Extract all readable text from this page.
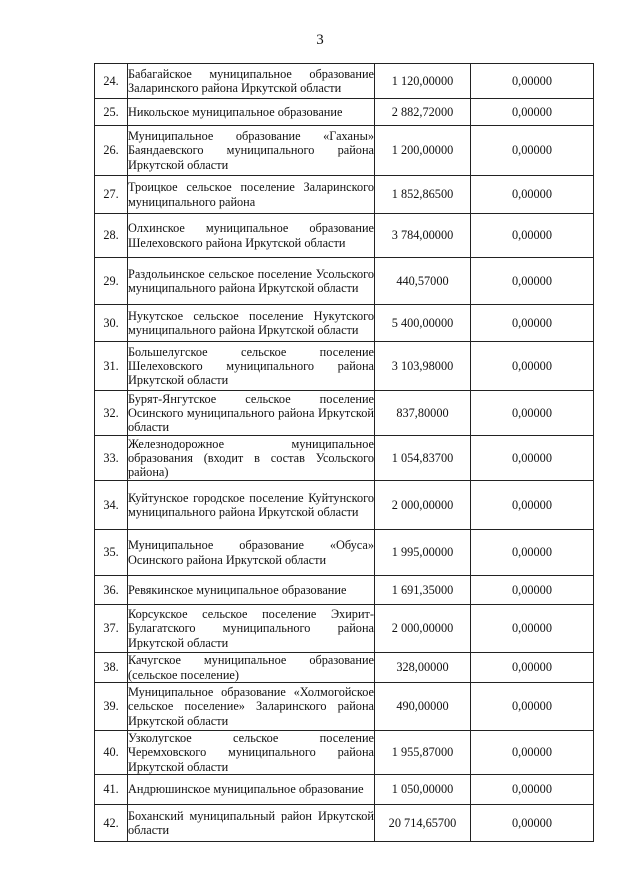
3
24.	Бабагайское муниципальное образование Заларинского района Иркутской области	1 120,00000	0,00000
25.	Никольское муниципальное образование	2 882,72000	0,00000
26.	Муниципальное образование «Гаханы» Баяндаевского муниципального района Иркутской области	1 200,00000	0,00000
27.	Троицкое сельское поселение Заларинского муниципального района	1 852,86500	0,00000
28.	Олхинское муниципальное образование Шелеховского района Иркутской области	3 784,00000	0,00000
29.	Раздольинское сельское поселение Усольского муниципального района Иркутской области	440,57000	0,00000
30.	Нукутское сельское поселение Нукутского муниципального района Иркутской области	5 400,00000	0,00000
31.	Большелугское сельское поселение Шелеховского муниципального района Иркутской области	3 103,98000	0,00000
32.	Бурят-Янгутское сельское поселение Осинского муниципального района Иркутской области	837,80000	0,00000
33.	Железнодорожное муниципальное образования (входит в состав Усольского района)	1 054,83700	0,00000
34.	Куйтунское городское поселение Куйтунского муниципального района Иркутской области	2 000,00000	0,00000
35.	Муниципальное образование «Обуса» Осинского района Иркутской области	1 995,00000	0,00000
36.	Ревякинское муниципальное образование	1 691,35000	0,00000
37.	Корсукское сельское поселение Эхирит-Булагатского муниципального района Иркутской области	2 000,00000	0,00000
38.	Качугское муниципальное образование (сельское поселение)	328,00000	0,00000
39.	Муниципальное образование «Холмогойское сельское поселение» Заларинского района Иркутской области	490,00000	0,00000
40.	Узколугское сельское поселение Черемховского муниципального района Иркутской области	1 955,87000	0,00000
41.	Андрюшинское муниципальное образование	1 050,00000	0,00000
42.	Боханский муниципальный район Иркутской области	20 714,65700	0,00000
